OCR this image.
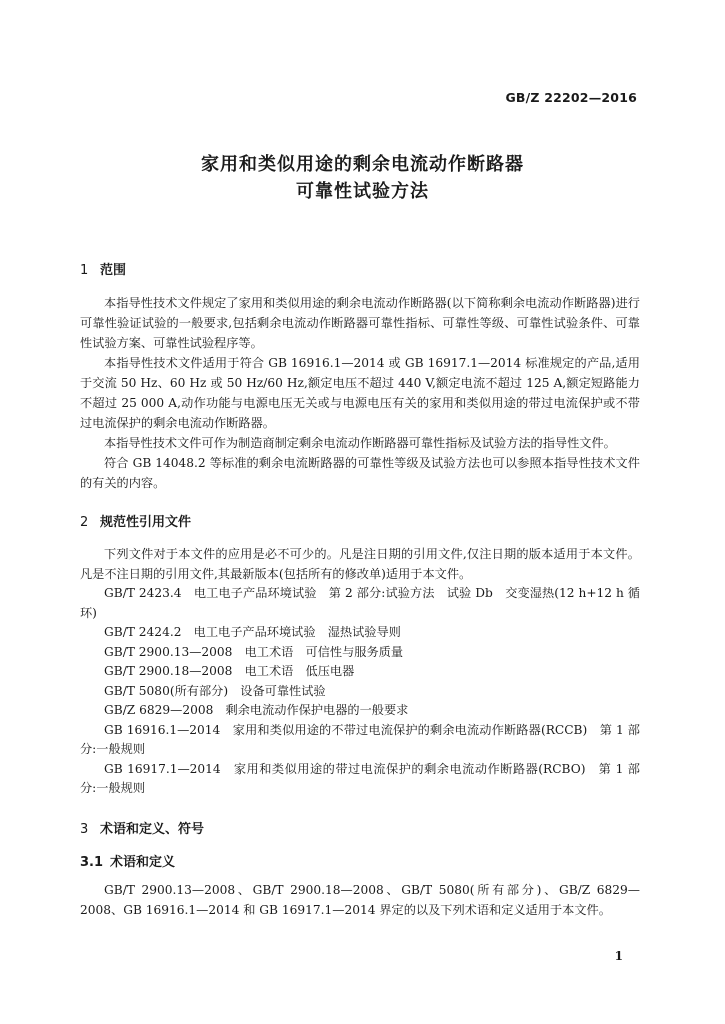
GB/Z 22202—2016
家用和类似用途的剩余电流动作断路器
可靠性试验方法
1 范围

本指导性技术文件规定了家用和类似用途的剩余电流动作断路器(以下简称剩余电流动作断路器)进行可靠性验证试验的一般要求,包括剩余电流动作断路器可靠性指标、可靠性等级、可靠性试验条件、可靠性试验方案、可靠性试验程序等。

本指导性技术文件适用于符合 GB 16916.1—2014 或 GB 16917.1—2014 标准规定的产品,适用于交流 50 Hz、60 Hz 或 50 Hz/60 Hz,额定电压不超过 440 V,额定电流不超过 125 A,额定短路能力不超过 25 000 A,动作功能与电源电压无关或与电源电压有关的家用和类似用途的带过电流保护或不带过电流保护的剩余电流动作断路器。

本指导性技术文件可作为制造商制定剩余电流动作断路器可靠性指标及试验方法的指导性文件。

符合 GB 14048.2 等标准的剩余电流断路器的可靠性等级及试验方法也可以参照本指导性技术文件的有关的内容。

2 规范性引用文件

下列文件对于本文件的应用是必不可少的。凡是注日期的引用文件,仅注日期的版本适用于本文件。凡是不注日期的引用文件,其最新版本(包括所有的修改单)适用于本文件。

GB/T 2423.4　电工电子产品环境试验　第 2 部分:试验方法　试验 Db　交变湿热(12 h+12 h 循环)

GB/T 2424.2　电工电子产品环境试验　湿热试验导则

GB/T 2900.13—2008　电工术语　可信性与服务质量

GB/T 2900.18—2008　电工术语　低压电器

GB/T 5080(所有部分)　设备可靠性试验

GB/Z 6829—2008　剩余电流动作保护电器的一般要求

GB 16916.1—2014　家用和类似用途的不带过电流保护的剩余电流动作断路器(RCCB)　第 1 部分:一般规则

GB 16917.1—2014　家用和类似用途的带过电流保护的剩余电流动作断路器(RCBO)　第 1 部分:一般规则

3 术语和定义、符号
3.1 术语和定义

GB/T 2900.13—2008、GB/T 2900.18—2008、GB/T 5080(所有部分)、GB/Z 6829—2008、GB 16916.1—2014 和 GB 16917.1—2014 界定的以及下列术语和定义适用于本文件。

1
